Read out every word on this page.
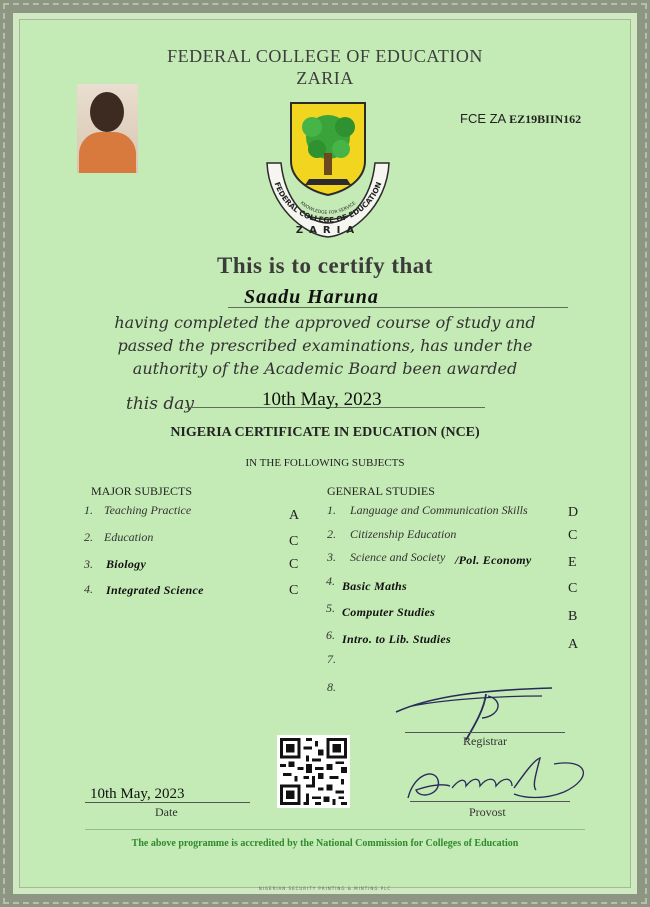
FEDERAL COLLEGE OF EDUCATION
ZARIA
FCE ZA EZ19BIIN162
FEDERAL COLLEGE OF EDUCATION
KNOWLEDGE FOR SERVICE
ZARIA
This is to certify that
Saadu Haruna
having completed the approved course of study and
passed the prescribed examinations, has under the
authority of the Academic Board been awarded
this day	10th May, 2023
NIGERIA CERTIFICATE IN EDUCATION (NCE)
IN THE FOLLOWING SUBJECTS
MAJOR SUBJECTS	GENERAL STUDIES
1. Teaching Practice	A
2. Education	C
3. Biology	C
4. Integrated Science	C
1. Language and Communication Skills	D
2. Citizenship Education	C
3. Science and Society /Pol. Economy	E
4. Basic Maths	C
5. Computer Studies	B
6. Intro. to Lib. Studies	A
7.
8.
Registrar
10th May, 2023
Date	Provost
The above programme is accredited by the National Commission for Colleges of Education
NIGERIAN SECURITY PRINTING & MINTING PLC
